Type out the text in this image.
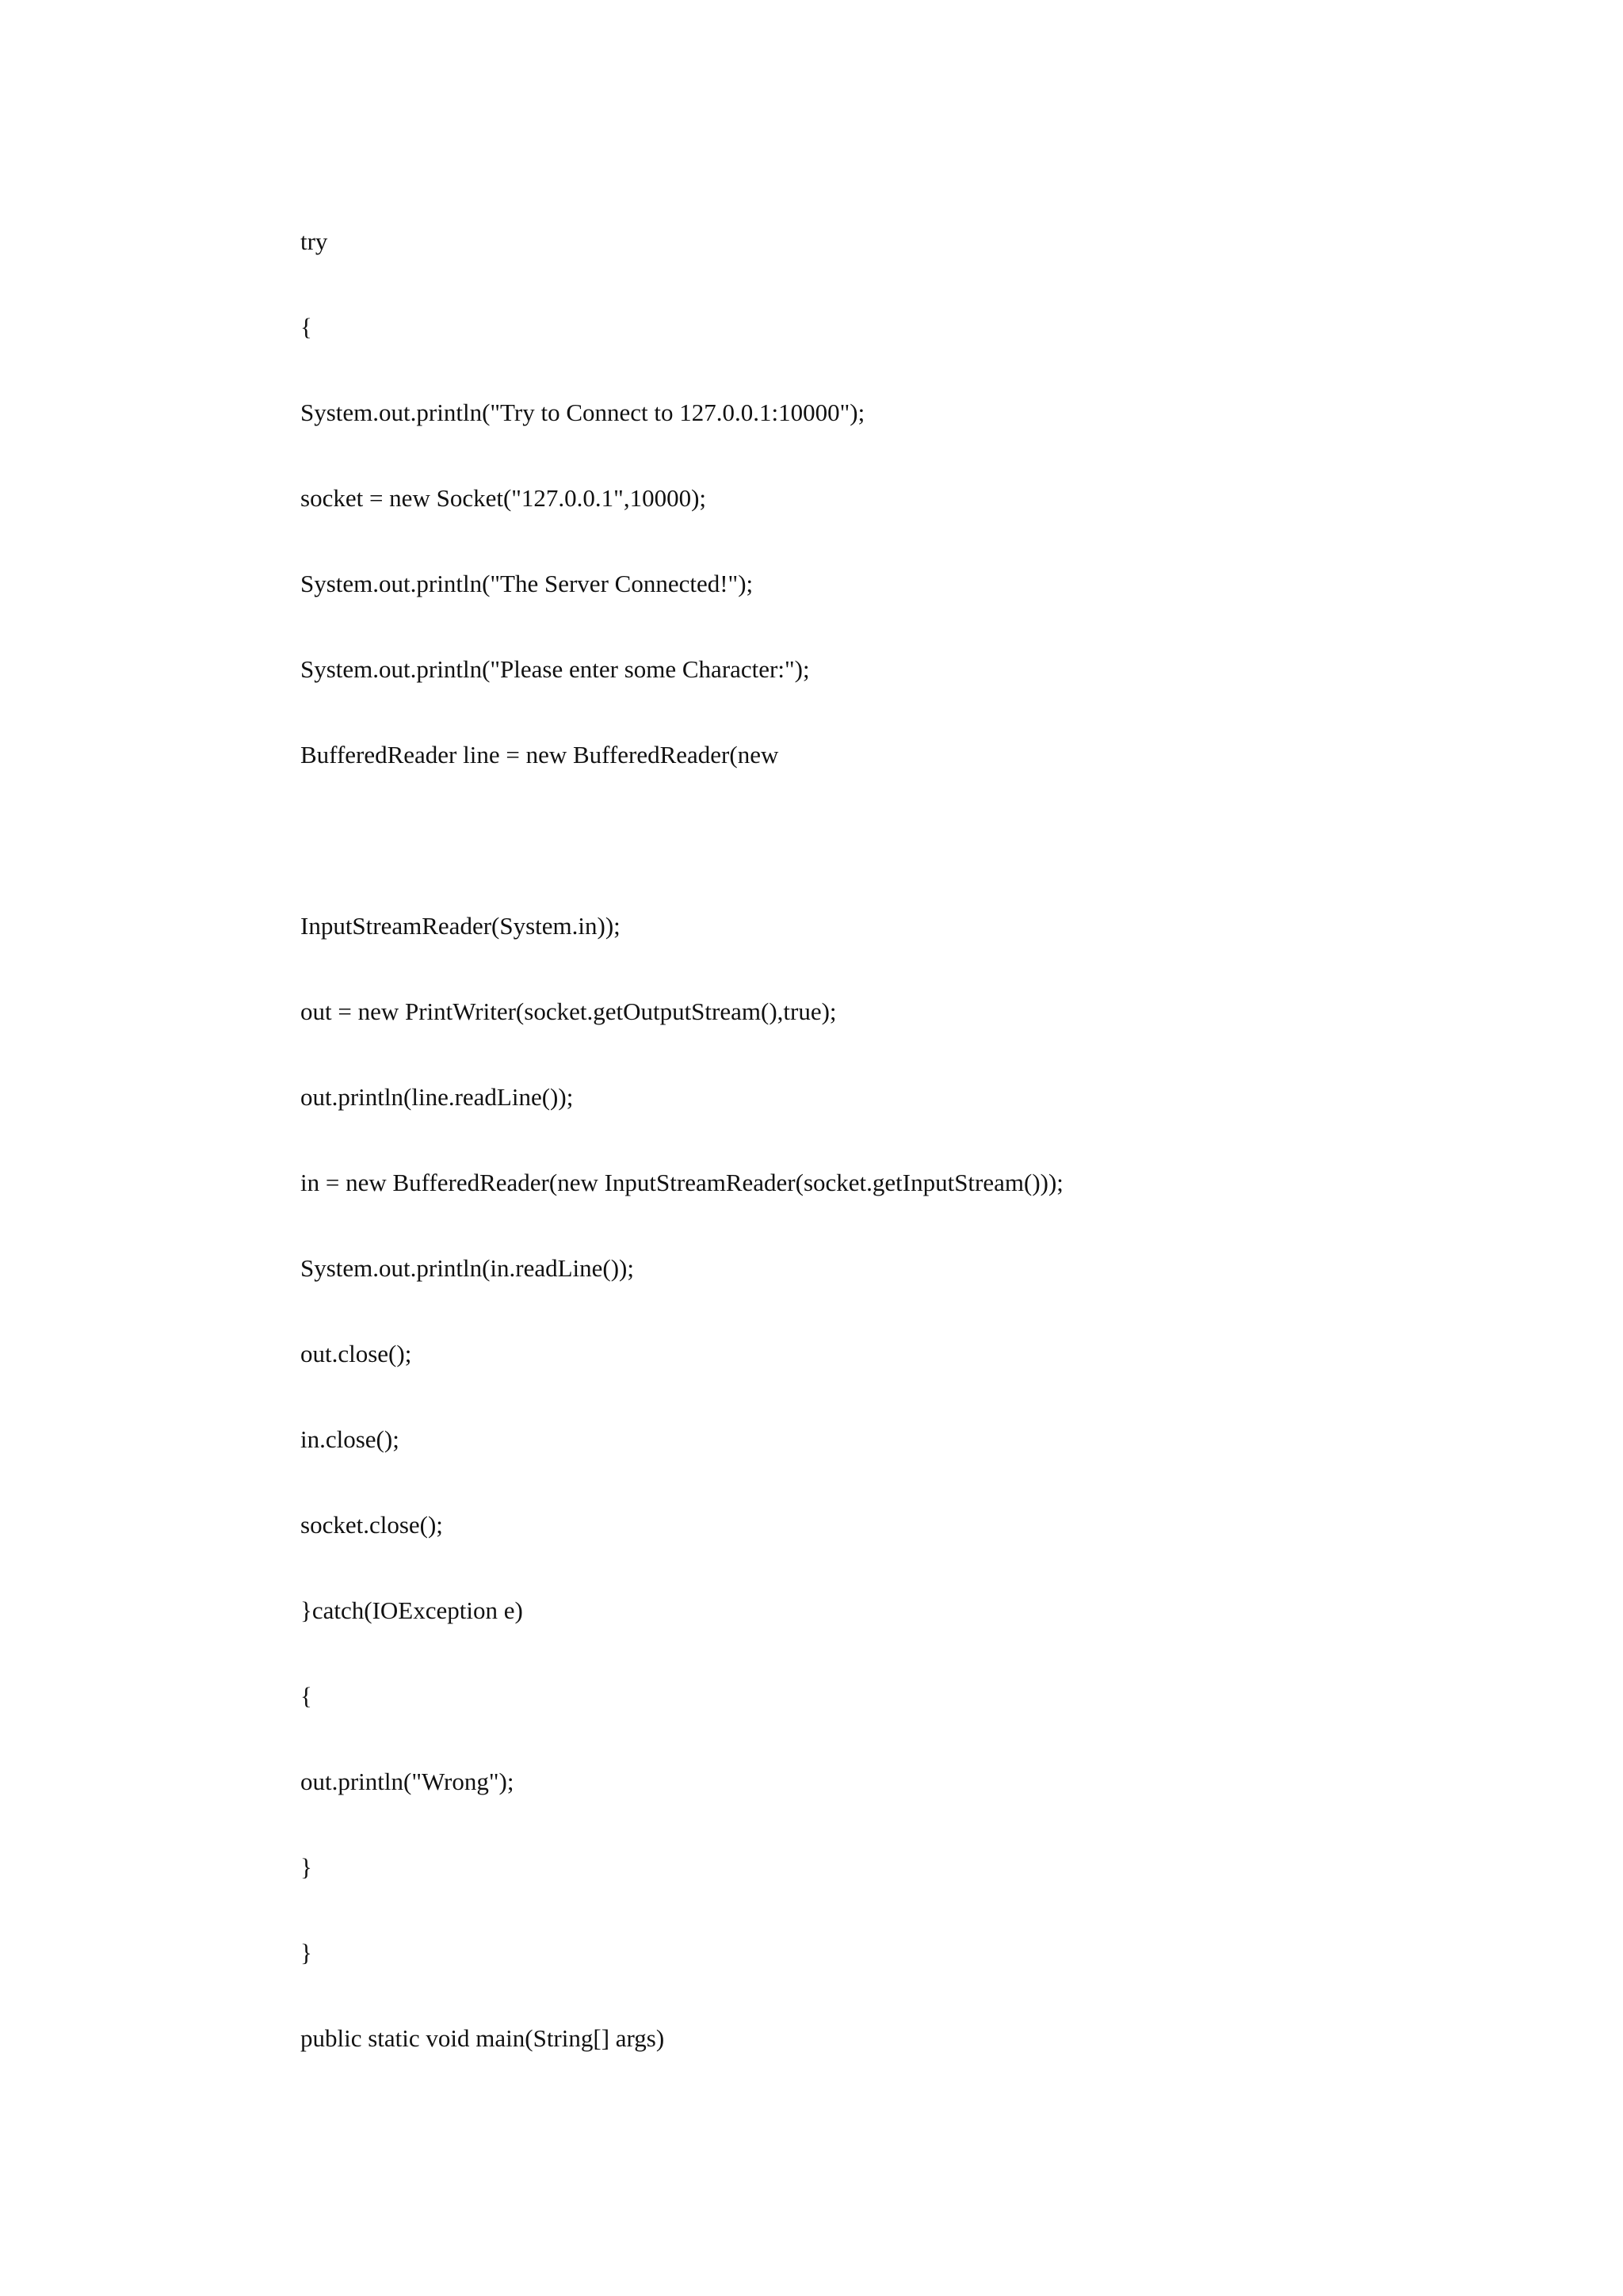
try

{

System.out.println("Try to Connect to 127.0.0.1:10000");

socket = new Socket("127.0.0.1",10000);

System.out.println("The Server Connected!");

System.out.println("Please enter some Character:");

BufferedReader line = new BufferedReader(new

InputStreamReader(System.in));

out = new PrintWriter(socket.getOutputStream(),true);

out.println(line.readLine());

in = new BufferedReader(new InputStreamReader(socket.getInputStream()));

System.out.println(in.readLine());

out.close();

in.close();

socket.close();

}catch(IOException e)

{

out.println("Wrong");

}

}

public static void main(String[] args)
